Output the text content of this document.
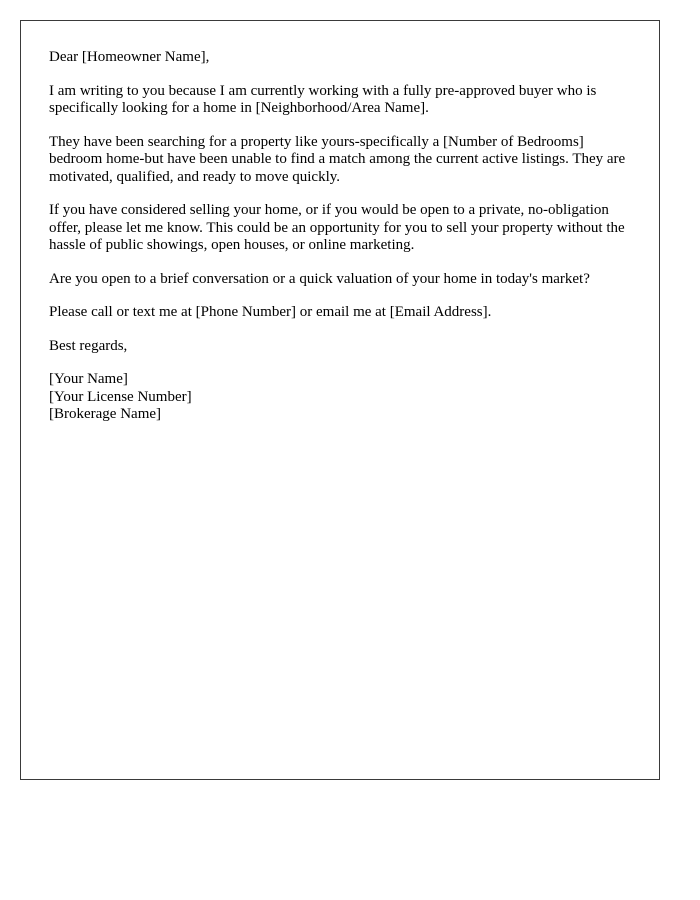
Dear [Homeowner Name],

I am writing to you because I am currently working with a fully pre-approved buyer who is specifically looking for a home in [Neighborhood/Area Name].

They have been searching for a property like yours-specifically a [Number of Bedrooms] bedroom home-but have been unable to find a match among the current active listings. They are motivated, qualified, and ready to move quickly.

If you have considered selling your home, or if you would be open to a private, no-obligation offer, please let me know. This could be an opportunity for you to sell your property without the hassle of public showings, open houses, or online marketing.

Are you open to a brief conversation or a quick valuation of your home in today's market?

Please call or text me at [Phone Number] or email me at [Email Address].

Best regards,

[Your Name]
[Your License Number]
[Brokerage Name]
